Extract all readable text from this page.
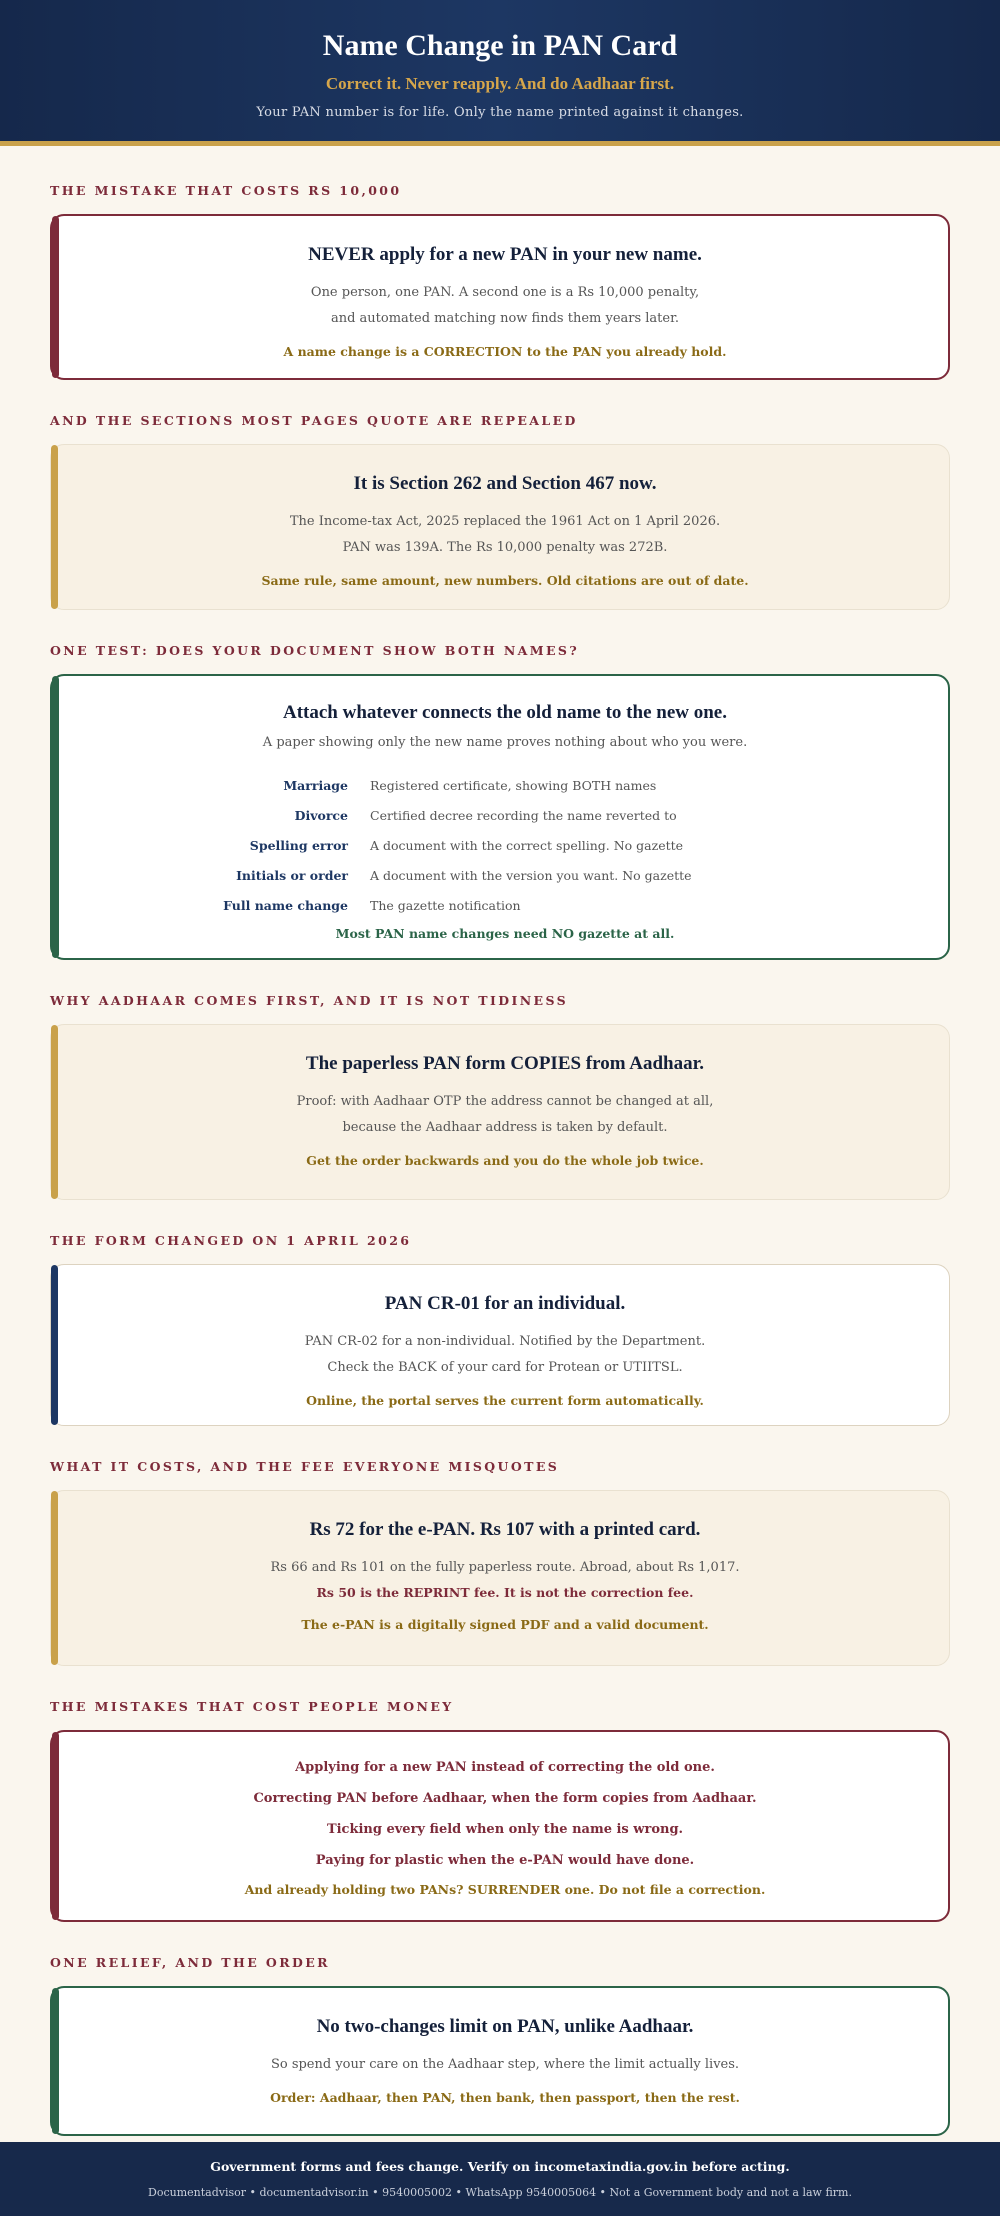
Name Change in PAN Card
Correct it. Never reapply. And do Aadhaar first.
Your PAN number is for life. Only the name printed against it changes.
THE MISTAKE THAT COSTS RS 10,000
NEVER apply for a new PAN in your new name.

One person, one PAN. A second one is a Rs 10,000 penalty,

and automated matching now finds them years later.

A name change is a CORRECTION to the PAN you already hold.

AND THE SECTIONS MOST PAGES QUOTE ARE REPEALED
It is Section 262 and Section 467 now.

The Income-tax Act, 2025 replaced the 1961 Act on 1 April 2026.

PAN was 139A. The Rs 10,000 penalty was 272B.

Same rule, same amount, new numbers. Old citations are out of date.

ONE TEST: DOES YOUR DOCUMENT SHOW BOTH NAMES?
Attach whatever connects the old name to the new one.

A paper showing only the new name proves nothing about who you were.

Marriage	Registered certificate, showing BOTH names
Divorce	Certified decree recording the name reverted to
Spelling error	A document with the correct spelling. No gazette
Initials or order	A document with the version you want. No gazette
Full name change	The gazette notification

Most PAN name changes need NO gazette at all.

WHY AADHAAR COMES FIRST, AND IT IS NOT TIDINESS
The paperless PAN form COPIES from Aadhaar.

Proof: with Aadhaar OTP the address cannot be changed at all,

because the Aadhaar address is taken by default.

Get the order backwards and you do the whole job twice.

THE FORM CHANGED ON 1 APRIL 2026
PAN CR-01 for an individual.

PAN CR-02 for a non-individual. Notified by the Department.

Check the BACK of your card for Protean or UTIITSL.

Online, the portal serves the current form automatically.

WHAT IT COSTS, AND THE FEE EVERYONE MISQUOTES
Rs 72 for the e-PAN. Rs 107 with a printed card.

Rs 66 and Rs 101 on the fully paperless route. Abroad, about Rs 1,017.

Rs 50 is the REPRINT fee. It is not the correction fee.

The e-PAN is a digitally signed PDF and a valid document.

THE MISTAKES THAT COST PEOPLE MONEY

Applying for a new PAN instead of correcting the old one.

Correcting PAN before Aadhaar, when the form copies from Aadhaar.

Ticking every field when only the name is wrong.

Paying for plastic when the e-PAN would have done.

And already holding two PANs? SURRENDER one. Do not file a correction.

ONE RELIEF, AND THE ORDER
No two-changes limit on PAN, unlike Aadhaar.

So spend your care on the Aadhaar step, where the limit actually lives.

Order: Aadhaar, then PAN, then bank, then passport, then the rest.

Government forms and fees change. Verify on incometaxindia.gov.in before acting.
Documentadvisor • documentadvisor.in • 9540005002 • WhatsApp 9540005064 • Not a Government body and not a law firm.
